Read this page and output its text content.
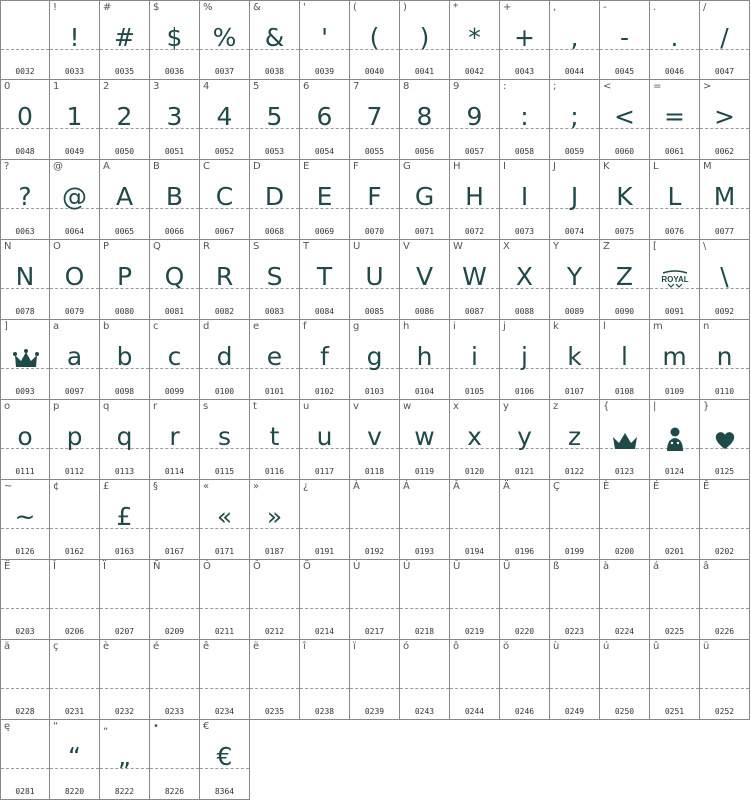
0032
!
!
0033
#
#
0035
$
$
0036
%
%
0037
&
&
0038
'
'
0039
(
(
0040
)
)
0041
*
*
0042
+
+
0043
,
,
0044
-
-
0045
.
.
0046
/
/
0047
0
0
0048
1
1
0049
2
2
0050
3
3
0051
4
4
0052
5
5
0053
6
6
0054
7
7
0055
8
8
0056
9
9
0057
:
:
0058
;
;
0059
<
<
0060
=
=
0061
>
>
0062
?
?
0063
@
@
0064
A
A
0065
B
B
0066
C
C
0067
D
D
0068
E
E
0069
F
F
0070
G
G
0071
H
H
0072
I
I
0073
J
J
0074
K
K
0075
L
L
0076
M
M
0077
N
N
0078
O
O
0079
P
P
0080
Q
Q
0081
R
R
0082
S
S
0083
T
T
0084
U
U
0085
V
V
0086
W
W
0087
X
X
0088
Y
Y
0089
Z
Z
0090
[
ROYAL
0091
\
\
0092
]
0093
a
a
0097
b
b
0098
c
c
0099
d
d
0100
e
e
0101
f
f
0102
g
g
0103
h
h
0104
i
i
0105
j
j
0106
k
k
0107
l
l
0108
m
m
0109
n
n
0110
o
o
0111
p
p
0112
q
q
0113
r
r
0114
s
s
0115
t
t
0116
u
u
0117
v
v
0118
w
w
0119
x
x
0120
y
y
0121
z
z
0122
{
0123
|
0124
}
0125
~
~
0126
¢
0162
£
£
0163
§
0167
«
«
0171
»
»
0187
¿
0191
À
0192
Á
0193
Â
0194
Ä
0196
Ç
0199
È
0200
É
0201
Ê
0202
Ë
0203
Î
0206
Ï
0207
Ñ
0209
Ó
0211
Ô
0212
Ö
0214
Ù
0217
Ú
0218
Û
0219
Ü
0220
ß
0223
à
0224
á
0225
â
0226
ä
0228
ç
0231
è
0232
é
0233
ê
0234
ë
0235
î
0238
ï
0239
ó
0243
ô
0244
ö
0246
ù
0249
ú
0250
û
0251
ü
0252
ę
0281
“
“
8220
„
„
8222
•
8226
€
€
8364
